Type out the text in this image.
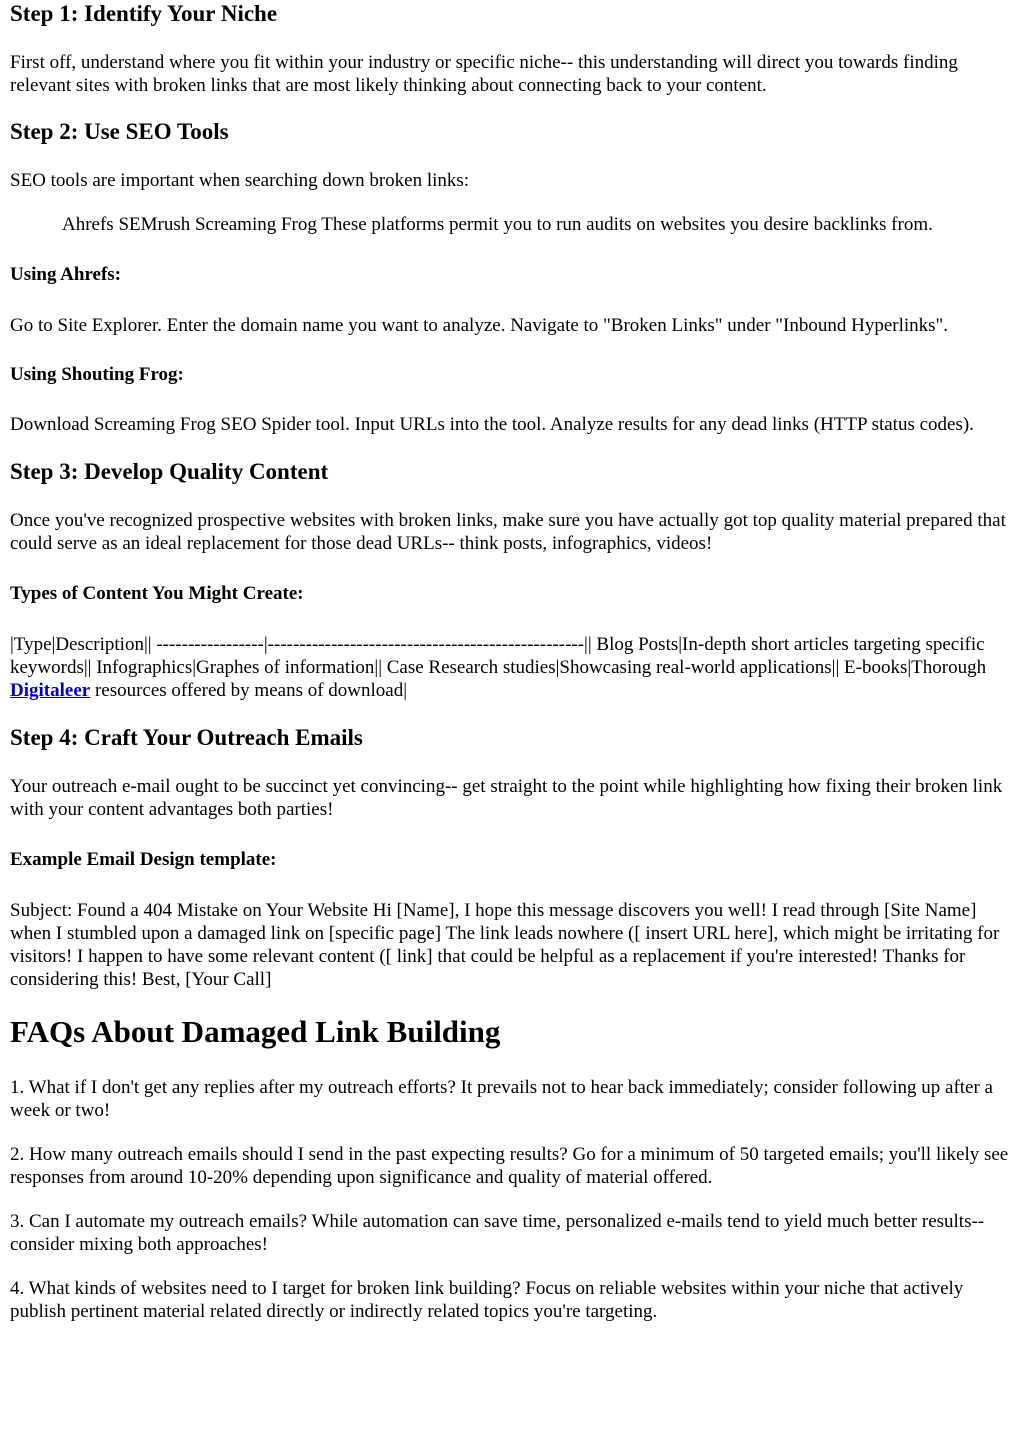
Step 1: Identify Your Niche

First off, understand where you fit within your industry or specific niche-- this understanding will direct you towards finding relevant sites with broken links that are most likely thinking about connecting back to your content.

Step 2: Use SEO Tools

SEO tools are important when searching down broken links:

Ahrefs SEMrush Screaming Frog These platforms permit you to run audits on websites you desire backlinks from.

Using Ahrefs:

Go to Site Explorer. Enter the domain name you want to analyze. Navigate to "Broken Links" under "Inbound Hyperlinks".

Using Shouting Frog:

Download Screaming Frog SEO Spider tool. Input URLs into the tool. Analyze results for any dead links (HTTP status codes).

Step 3: Develop Quality Content

Once you've recognized prospective websites with broken links, make sure you have actually got top quality material prepared that could serve as an ideal replacement for those dead URLs-- think posts, infographics, videos!

Types of Content You Might Create:

|Type|Description|| -----------------|--------------------------------------------------|| Blog Posts|In-depth short articles targeting specific keywords|| Infographics|Graphes of information|| Case Research studies|Showcasing real-world applications|| E-books|Thorough Digitaleer resources offered by means of download|

Step 4: Craft Your Outreach Emails

Your outreach e-mail ought to be succinct yet convincing-- get straight to the point while highlighting how fixing their broken link with your content advantages both parties!

Example Email Design template:

Subject: Found a 404 Mistake on Your Website Hi [Name], I hope this message discovers you well! I read through [Site Name] when I stumbled upon a damaged link on [specific page] The link leads nowhere ([ insert URL here], which might be irritating for visitors! I happen to have some relevant content ([ link] that could be helpful as a replacement if you're interested! Thanks for considering this! Best, [Your Call]

FAQs About Damaged Link Building

1. What if I don't get any replies after my outreach efforts? It prevails not to hear back immediately; consider following up after a week or two!

2. How many outreach emails should I send in the past expecting results? Go for a minimum of 50 targeted emails; you'll likely see responses from around 10-20% depending upon significance and quality of material offered.

3. Can I automate my outreach emails? While automation can save time, personalized e-mails tend to yield much better results-- consider mixing both approaches!

4. What kinds of websites need to I target for broken link building? Focus on reliable websites within your niche that actively publish pertinent material related directly or indirectly related topics you're targeting.
